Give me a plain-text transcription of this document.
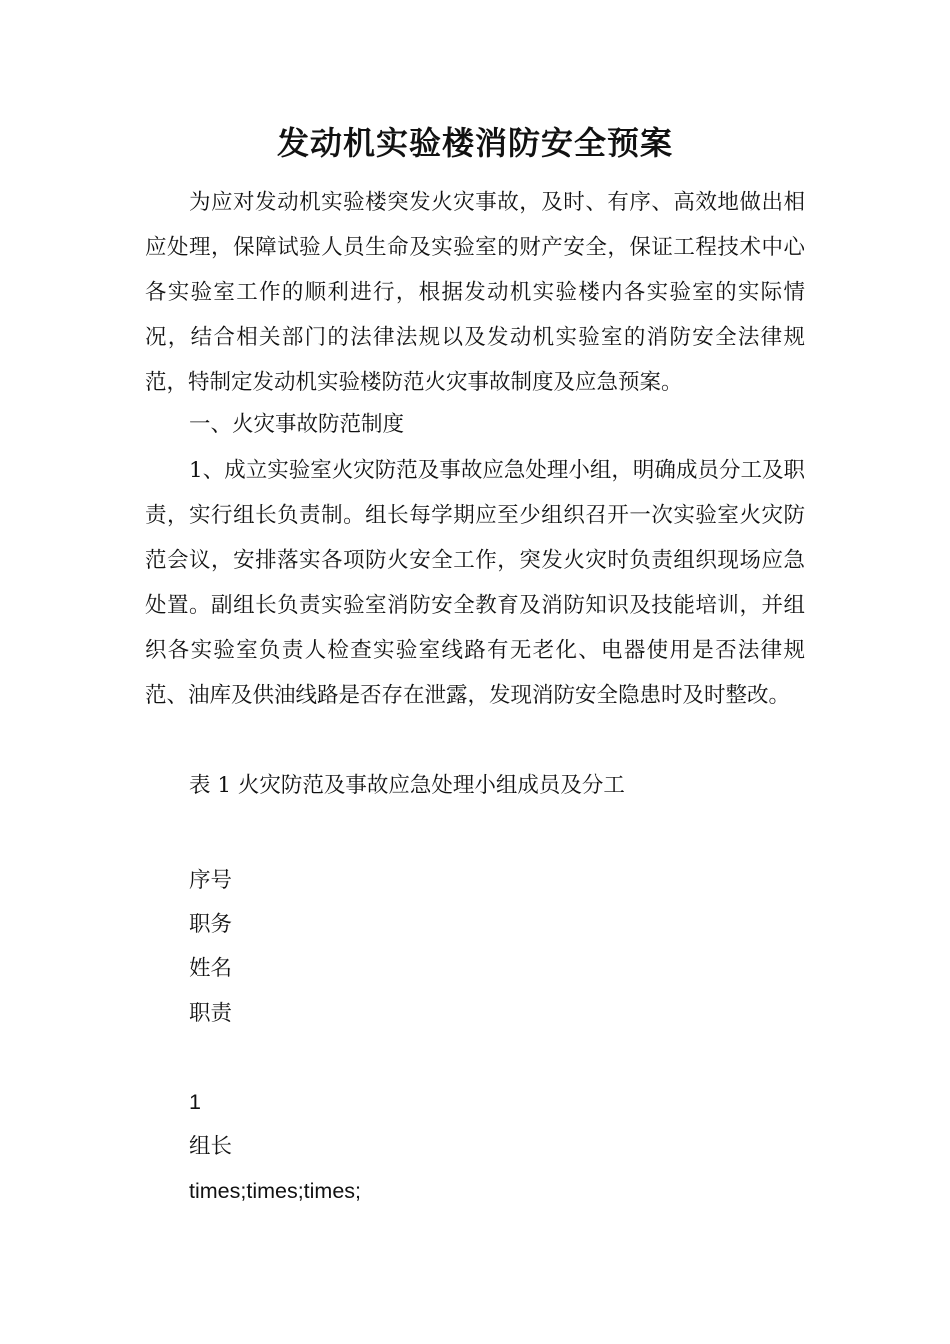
发动机实验楼消防安全预案

为应对发动机实验楼突发火灾事故，及时、有序、高效地做出相应处理，保障试验人员生命及实验室的财产安全，保证工程技术中心各实验室工作的顺利进行，根据发动机实验楼内各实验室的实际情况，结合相关部门的法律法规以及发动机实验室的消防安全法律规范，特制定发动机实验楼防范火灾事故制度及应急预案。

一、火灾事故防范制度

1、成立实验室火灾防范及事故应急处理小组，明确成员分工及职责，实行组长负责制。组长每学期应至少组织召开一次实验室火灾防范会议，安排落实各项防火安全工作，突发火灾时负责组织现场应急处置。副组长负责实验室消防安全教育及消防知识及技能培训，并组织各实验室负责人检查实验室线路有无老化、电器使用是否法律规范、油库及供油线路是否存在泄露，发现消防安全隐患时及时整改。

表 1 火灾防范及事故应急处理小组成员及分工

序号

职务

姓名

职责

1

组长

times;times;times;
